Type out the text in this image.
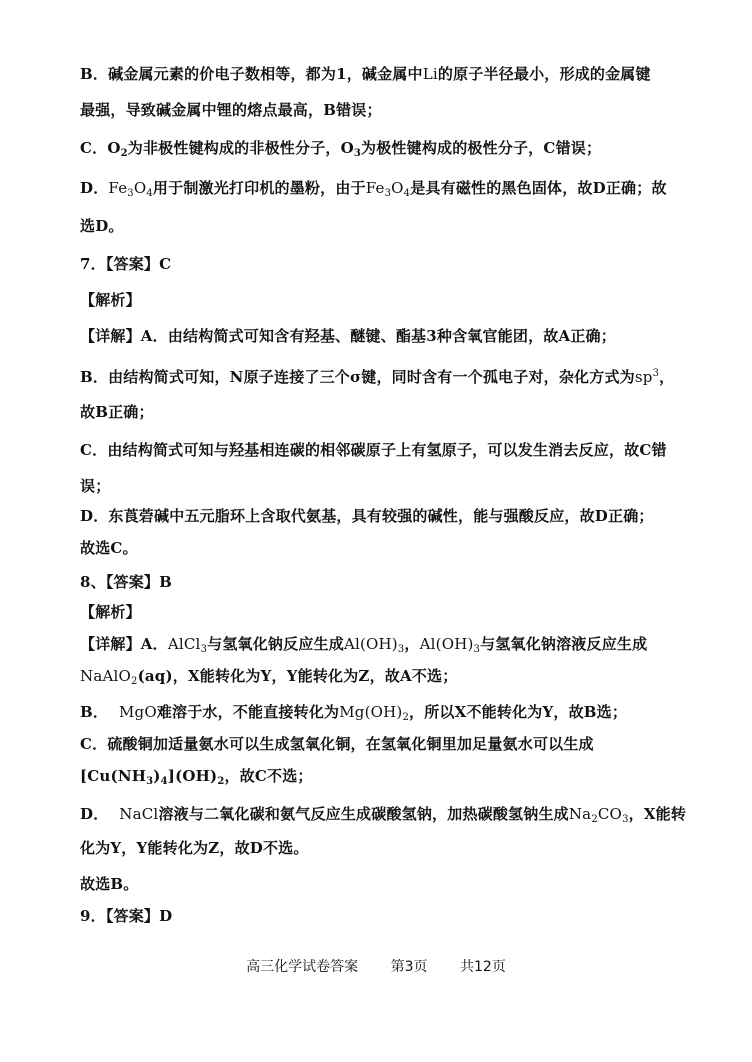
B．碱金属元素的价电子数相等，都为1，碱金属中Li的原子半径最小，形成的金属键
最强，导致碱金属中锂的熔点最高，B错误；
C．$O_2$为非极性键构成的非极性分子，$O_3$为极性键构成的极性分子，C错误；
D．$Fe_3O_4$用于制激光打印机的墨粉，由于$Fe_3O_4$是具有磁性的黑色固体，故D正确；故
选D。
7．【答案】C
【解析】
【详解】A．由结构简式可知含有羟基、醚键、酯基3种含氧官能团，故A正确；
B．由结构简式可知，N原子连接了三个σ键，同时含有一个孤电子对，杂化方式为$sp^3$，
故B正确；
C．由结构简式可知与羟基相连碳的相邻碳原子上有氢原子，可以发生消去反应，故C错
误；
D．东莨菪碱中五元脂环上含取代氨基，具有较强的碱性，能与强酸反应，故D正确；
故选C。
8、【答案】B
【解析】
【详解】A．AlCl$_3$与氢氧化钠反应生成$Al(OH)_3$，$Al(OH)_3$与氢氧化钠溶液反应生成
NaAlO$_2$(aq)，X能转化为Y，Y能转化为Z，故A不选；
B． MgO难溶于水，不能直接转化为$Mg(OH)_2$，所以X不能转化为Y，故B选；
C．硫酸铜加适量氨水可以生成氢氧化铜，在氢氧化铜里加足量氨水可以生成
$[Cu(NH_3)_4](OH)_2$，故C不选；
D． NaCl溶液与二氧化碳和氨气反应生成碳酸氢钠，加热碳酸氢钠生成$Na_2CO_3$，X能转
化为Y，Y能转化为Z，故D不选。
故选B。
9．【答案】D
高三化学试卷答案 第3页 共12页
